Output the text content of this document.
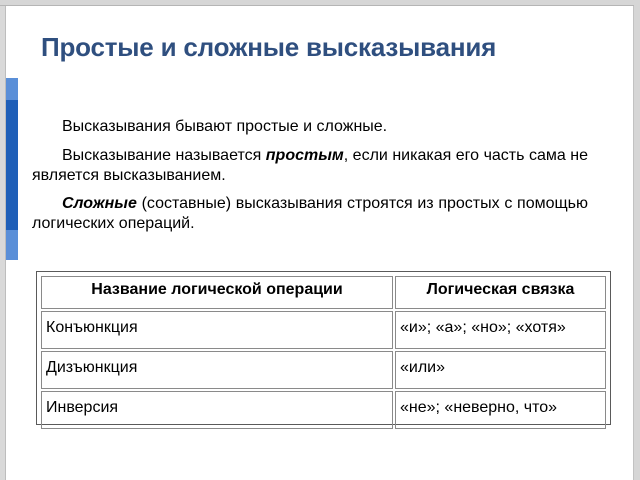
Простые и сложные высказывания

Высказывания бывают простые и сложные.

Высказывание называется простым, если никакая его часть сама не является высказыванием.

Сложные (составные) высказывания строятся из простых с помощью логических операций.

Название логической операции	Логическая связка
Конъюнкция	«и»; «а»; «но»; «хотя»
Дизъюнкция	«или»
Инверсия	«не»; «неверно, что»
